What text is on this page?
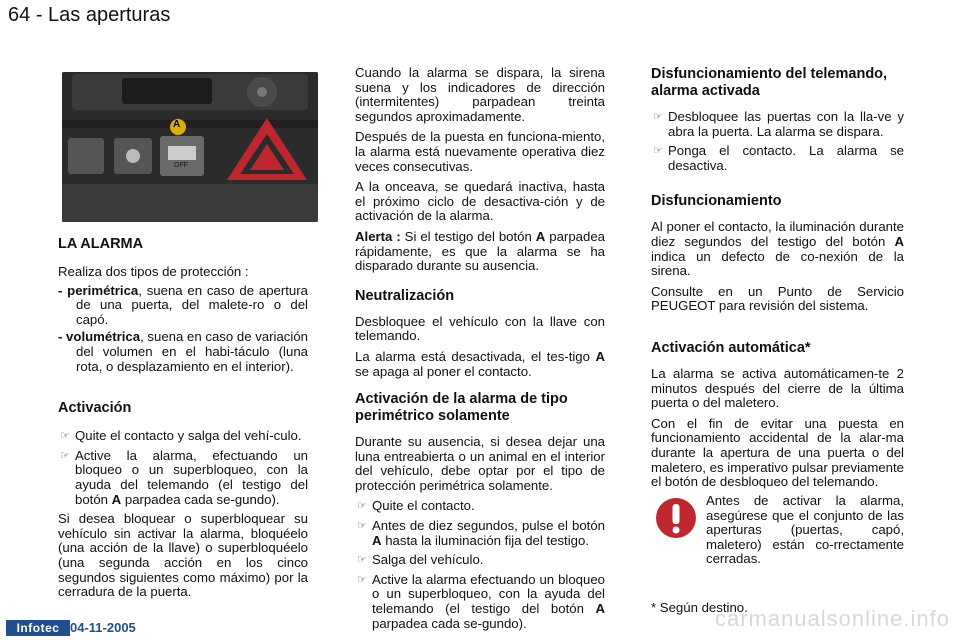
64 - Las aperturas
A
OFF
LA ALARMA

Realiza dos tipos de protección :

- perimétrica, suena en caso de apertura de una puerta, del malete-ro o del capó.
- volumétrica, suena en caso de variación del volumen en el habi-táculo (luna rota, o desplazamiento en el interior).
Activación
☞ Quite el contacto y salga del vehí-culo.
☞ Active la alarma, efectuando un bloqueo o un superbloqueo, con la ayuda del telemando (el testigo del botón A parpadea cada se-gundo).

Si desea bloquear o superbloquear su vehículo sin activar la alarma, bloquéelo (una acción de la llave) o superbloquéelo (una segunda acción en los cinco segundos siguientes como máximo) por la cerradura de la puerta.

Cuando la alarma se dispara, la sirena suena y los indicadores de dirección (intermitentes) parpadean treinta segundos aproximadamente.

Después de la puesta en funciona-miento, la alarma está nuevamente operativa diez veces consecutivas.

A la onceava, se quedará inactiva, hasta el próximo ciclo de desactiva-ción y de activación de la alarma.

Alerta : Si el testigo del botón A parpadea rápidamente, es que la alarma se ha disparado durante su ausencia.

Neutralización

Desbloquee el vehículo con la llave con telemando.

La alarma está desactivada, el tes-tigo A se apaga al poner el contacto.

Activación de la alarma de tipo perimétrico solamente

Durante su ausencia, si desea dejar una luna entreabierta o un animal en el interior del vehículo, debe optar por el tipo de protección perimétrica solamente.

☞ Quite el contacto.
☞ Antes de diez segundos, pulse el botón A hasta la iluminación fija del testigo.
☞ Salga del vehículo.
☞ Active la alarma efectuando un bloqueo o un superbloqueo, con la ayuda del telemando (el testigo del botón A parpadea cada se-gundo).
Disfuncionamiento del telemando, alarma activada
☞ Desbloquee las puertas con la lla-ve y abra la puerta. La alarma se dispara.
☞ Ponga el contacto. La alarma se desactiva.
Disfuncionamiento

Al poner el contacto, la iluminación durante diez segundos del testigo del botón A indica un defecto de co-nexión de la sirena.

Consulte en un Punto de Servicio PEUGEOT para revisión del sistema.

Activación automática*

La alarma se activa automáticamen-te 2 minutos después del cierre de la última puerta o del maletero.

Con el fin de evitar una puesta en funcionamiento accidental de la alar-ma durante la apertura de una puerta o del maletero, es imperativo pulsar previamente el botón de desbloqueo del telemando.

Antes de activar la alarma, asegúrese que el conjunto de las aperturas (puertas, capó, maletero) están co-rrectamente cerradas.

* Según destino.
Infotec 04-11-2005	carmanualsonline.info
